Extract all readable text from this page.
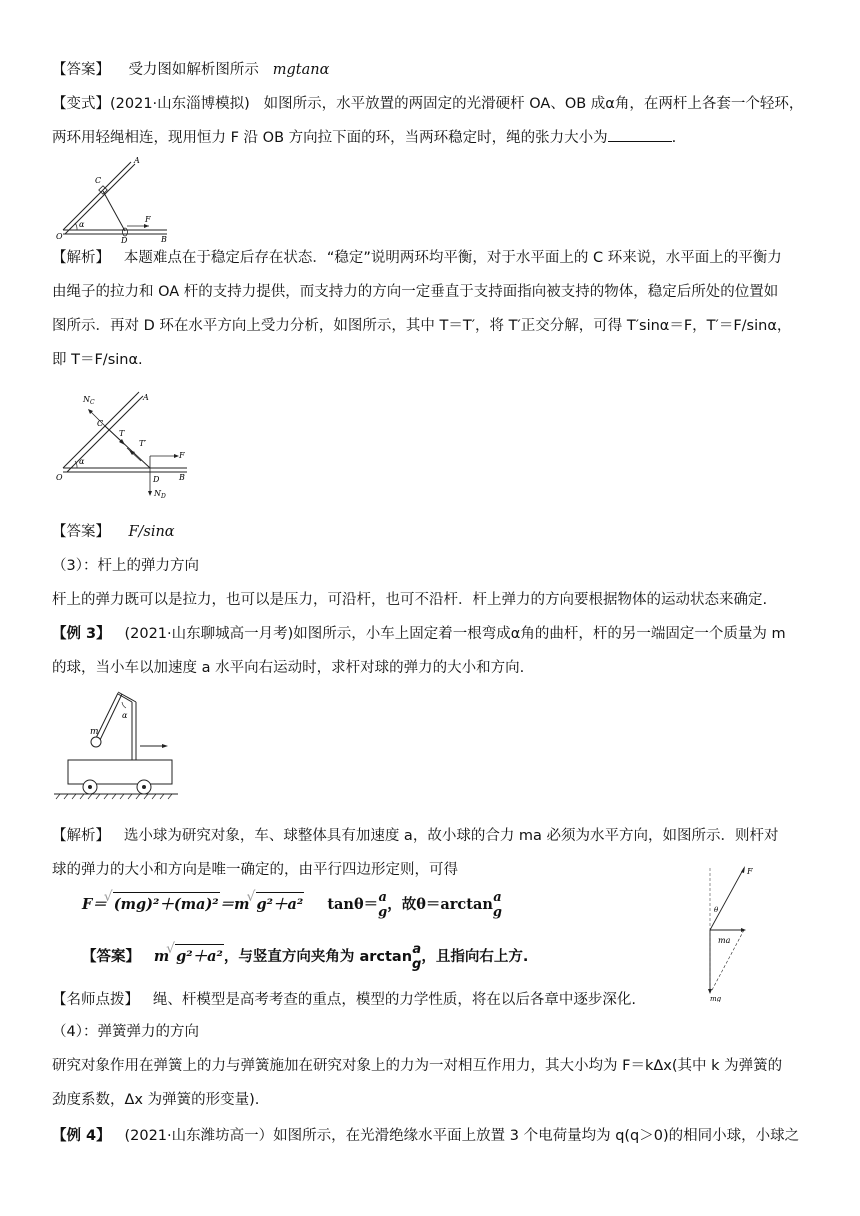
【答案】 受力图如解析图所示 mgtanα
【变式】(2021·山东淄博模拟) 如图所示，水平放置的两固定的光滑硬杆 OA、OB 成α角，在两杆上各套一个轻环，
两环用轻绳相连，现用恒力 F 沿 OB 方向拉下面的环，当两环稳定时，绳的张力大小为	.
A
C
O	D	B
F
α
【解析】 本题难点在于稳定后存在状态．“稳定”说明两环均平衡，对于水平面上的 C 环来说，水平面上的平衡力
由绳子的拉力和 OA 杆的支持力提供，而支持力的方向一定垂直于支持面指向被支持的物体，稳定后所处的位置如
图所示．再对 D 环在水平方向上受力分析，如图所示，其中 T＝T′，将 T′正交分解，可得 T′sinα＝F，T′＝F/sinα，
即 T＝F/sinα.
$N_C$
A
C
T
T′
O
α
D
F
B
$N_D$
【答案】 F/sinα
（3）：杆上的弹力方向
杆上的弹力既可以是拉力，也可以是压力，可沿杆，也可不沿杆．杆上弹力的方向要根据物体的运动状态来确定.
【例 3】 (2021·山东聊城高一月考)如图所示，小车上固定着一根弯成α角的曲杆，杆的另一端固定一个质量为 m
的球，当小车以加速度 a 水平向右运动时，求杆对球的弹力的大小和方向.
m
α
【解析】 选小球为研究对象，车、球整体具有加速度 a，故小球的合力 ma 必须为水平方向，如图所示．则杆对
球的弹力的大小和方向是唯一确定的，由平行四边形定则，可得
F＝ √ (mg)²＋(ma)²＝m √ g²＋a² tanθ＝ a
g ，故θ＝arctan a
g
【答案】 m √ g²＋a²，与竖直方向夹角为 arctan a
g ，且指向右上方.
F
θ
ma
mg
【名师点拨】 绳、杆模型是高考考查的重点，模型的力学性质，将在以后各章中逐步深化.
（4）：弹簧弹力的方向
研究对象作用在弹簧上的力与弹簧施加在研究对象上的力为一对相互作用力，其大小均为 F＝kΔx(其中 k 为弹簧的
劲度系数，Δx 为弹簧的形变量).
【例 4】 (2021·山东潍坊高一）如图所示，在光滑绝缘水平面上放置 3 个电荷量均为 q(q＞0)的相同小球，小球之
